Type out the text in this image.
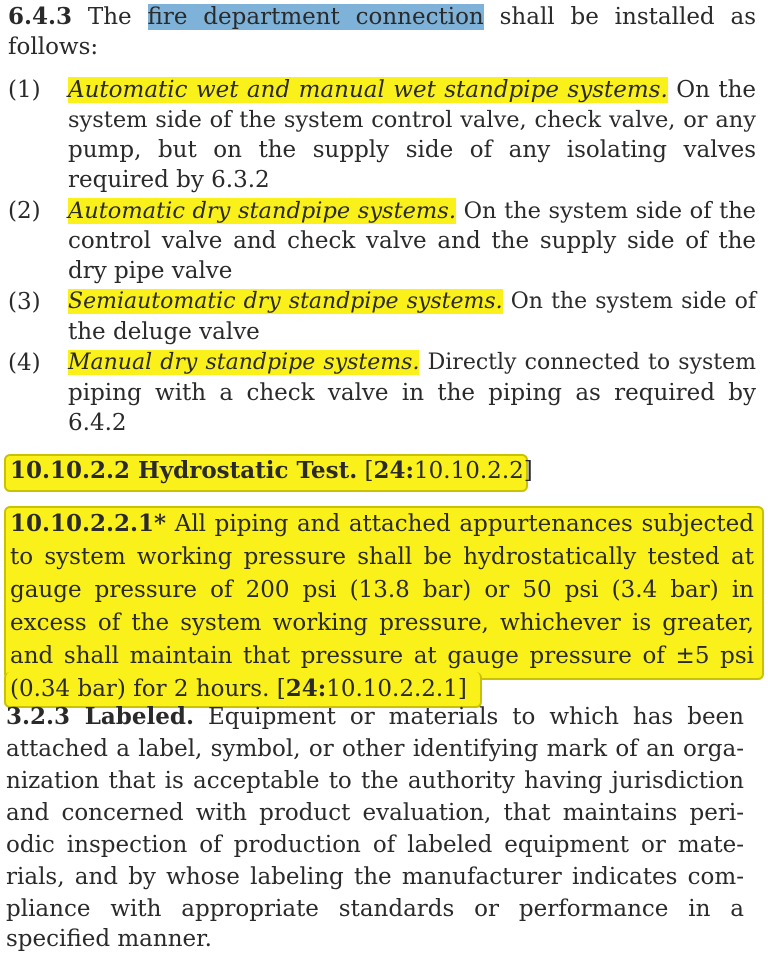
6.4.3 The fire department connection shall be installed as
follows:
(1) Automatic wet and manual wet standpipe systems. On the
system side of the system control valve, check valve, or any
pump, but on the supply side of any isolating valves
required by 6.3.2
(2) Automatic dry standpipe systems. On the system side of the
control valve and check valve and the supply side of the
dry pipe valve
(3) Semiautomatic dry standpipe systems. On the system side of
the deluge valve
(4) Manual dry standpipe systems. Directly connected to system
piping with a check valve in the piping as required by
6.4.2
10.10.2.2 Hydrostatic Test. [24:10.10.2.2]
10.10.2.2.1* All piping and attached appurtenances subjected
to system working pressure shall be hydrostatically tested at
gauge pressure of 200 psi (13.8 bar) or 50 psi (3.4 bar) in
excess of the system working pressure, whichever is greater,
and shall maintain that pressure at gauge pressure of ±5 psi
(0.34 bar) for 2 hours. [24:10.10.2.2.1]
3.2.3 Labeled. Equipment or materials to which has been
attached a label, symbol, or other identifying mark of an orga-
nization that is acceptable to the authority having jurisdiction
and concerned with product evaluation, that maintains peri-
odic inspection of production of labeled equipment or mate-
rials, and by whose labeling the manufacturer indicates com-
pliance with appropriate standards or performance in a
specified manner.
